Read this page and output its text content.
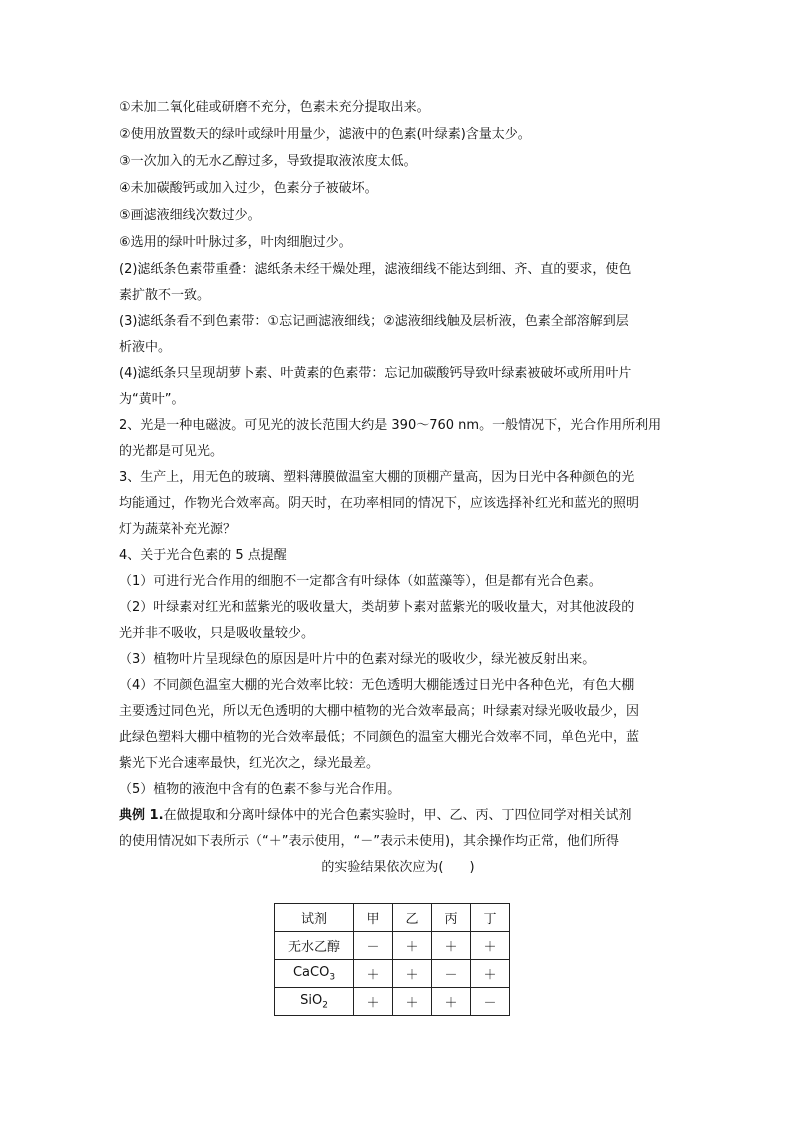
①未加二氧化硅或研磨不充分，色素未充分提取出来。

②使用放置数天的绿叶或绿叶用量少，滤液中的色素(叶绿素)含量太少。

③一次加入的无水乙醇过多，导致提取液浓度太低。

④未加碳酸钙或加入过少，色素分子被破坏。

⑤画滤液细线次数过少。

⑥选用的绿叶叶脉过多，叶肉细胞过少。

(2)滤纸条色素带重叠：滤纸条未经干燥处理，滤液细线不能达到细、齐、直的要求，使色

素扩散不一致。

(3)滤纸条看不到色素带：①忘记画滤液细线；②滤液细线触及层析液，色素全部溶解到层

析液中。

(4)滤纸条只呈现胡萝卜素、叶黄素的色素带：忘记加碳酸钙导致叶绿素被破坏或所用叶片

为“黄叶”。

2、光是一种电磁波。可见光的波长范围大约是 390～760 nm。一般情况下，光合作用所利用

的光都是可见光。

3、生产上，用无色的玻璃、塑料薄膜做温室大棚的顶棚产量高，因为日光中各种颜色的光

均能通过，作物光合效率高。阴天时，在功率相同的情况下，应该选择补红光和蓝光的照明

灯为蔬菜补充光源？

4、关于光合色素的 5 点提醒

（1）可进行光合作用的细胞不一定都含有叶绿体（如蓝藻等），但是都有光合色素。

（2）叶绿素对红光和蓝紫光的吸收量大，类胡萝卜素对蓝紫光的吸收量大，对其他波段的

光并非不吸收，只是吸收量较少。

（3）植物叶片呈现绿色的原因是叶片中的色素对绿光的吸收少，绿光被反射出来。

（4）不同颜色温室大棚的光合效率比较：无色透明大棚能透过日光中各种色光，有色大棚

主要透过同色光，所以无色透明的大棚中植物的光合效率最高；叶绿素对绿光吸收最少，因

此绿色塑料大棚中植物的光合效率最低；不同颜色的温室大棚光合效率不同，单色光中，蓝

紫光下光合速率最快，红光次之，绿光最差。

（5）植物的液泡中含有的色素不参与光合作用。

典例 1.在做提取和分离叶绿体中的光合色素实验时，甲、乙、丙、丁四位同学对相关试剂

的使用情况如下表所示（“＋”表示使用，“－”表示未使用)，其余操作均正常，他们所得

的实验结果依次应为(　　)

试剂	甲	乙	丙	丁
无水乙醇	－	＋	＋	＋
CaCO$_3$	＋	＋	－	＋
SiO$_2$	＋	＋	＋	－
